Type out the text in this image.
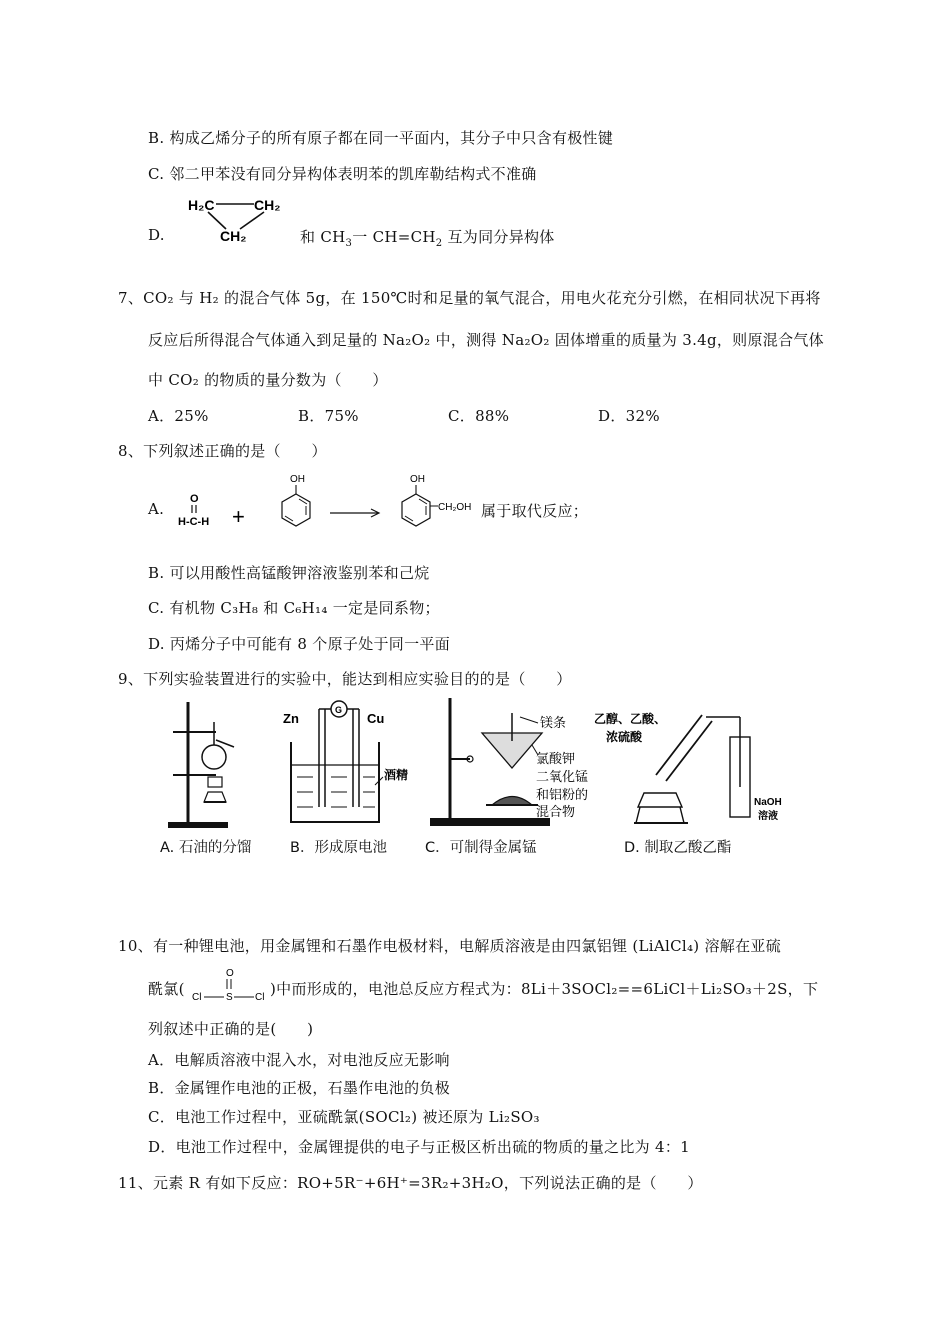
B. 构成乙烯分子的所有原子都在同一平面内，其分子中只含有极性键
C. 邻二甲苯没有同分异构体表明苯的凯库勒结构式不准确
D.
H₂C	CH₂
CH₂	和 $CH_3$一 $CH=CH_2$ 互为同分异构体
7、CO₂ 与 H₂ 的混合气体 5g，在 150℃时和足量的氧气混合，用电火花充分引燃，在相同状况下再将
反应后所得混合气体通入到足量的 Na₂O₂ 中，测得 Na₂O₂ 固体增重的质量为 3.4g，则原混合气体
中 CO₂ 的物质的量分数为（　　）
A．25%	B．75%	C．88%	D．32%
8、下列叙述正确的是（　　）
A.
O
H-C-H +
OH	OH
CH₂OH 属于取代反应；
B. 可以用酸性高锰酸钾溶液鉴别苯和己烷
C. 有机物 C₃H₈ 和 C₆H₁₄ 一定是同系物；
D. 丙烯分子中可能有 8 个原子处于同一平面
9、下列实验装置进行的实验中，能达到相应实验目的的是（　　）
A. 石油的分馏
Zn	Cu
G
酒精
B．形成原电池
镁条
氯酸钾
二氧化锰
和铝粉的
混合物
C．可制得金属锰
乙醇、乙酸、
浓硫酸
NaOH
溶液
D. 制取乙酸乙酯
10、有一种锂电池，用金属锂和石墨作电极材料，电解质溶液是由四氯铝锂 (LiAlCl₄) 溶解在亚硫
酰氯(
O
Cl S Cl )中而形成的，电池总反应方程式为：8Li＋3SOCl₂==6LiCl＋Li₂SO₃＋2S，下
列叙述中正确的是(　　)
A．电解质溶液中混入水，对电池反应无影响
B．金属锂作电池的正极，石墨作电池的负极
C．电池工作过程中，亚硫酰氯(SOCl₂) 被还原为 Li₂SO₃
D．电池工作过程中，金属锂提供的电子与正极区析出硫的物质的量之比为 4：1
11、元素 R 有如下反应：RO+5R⁻+6H⁺=3R₂+3H₂O，下列说法正确的是（　　）
